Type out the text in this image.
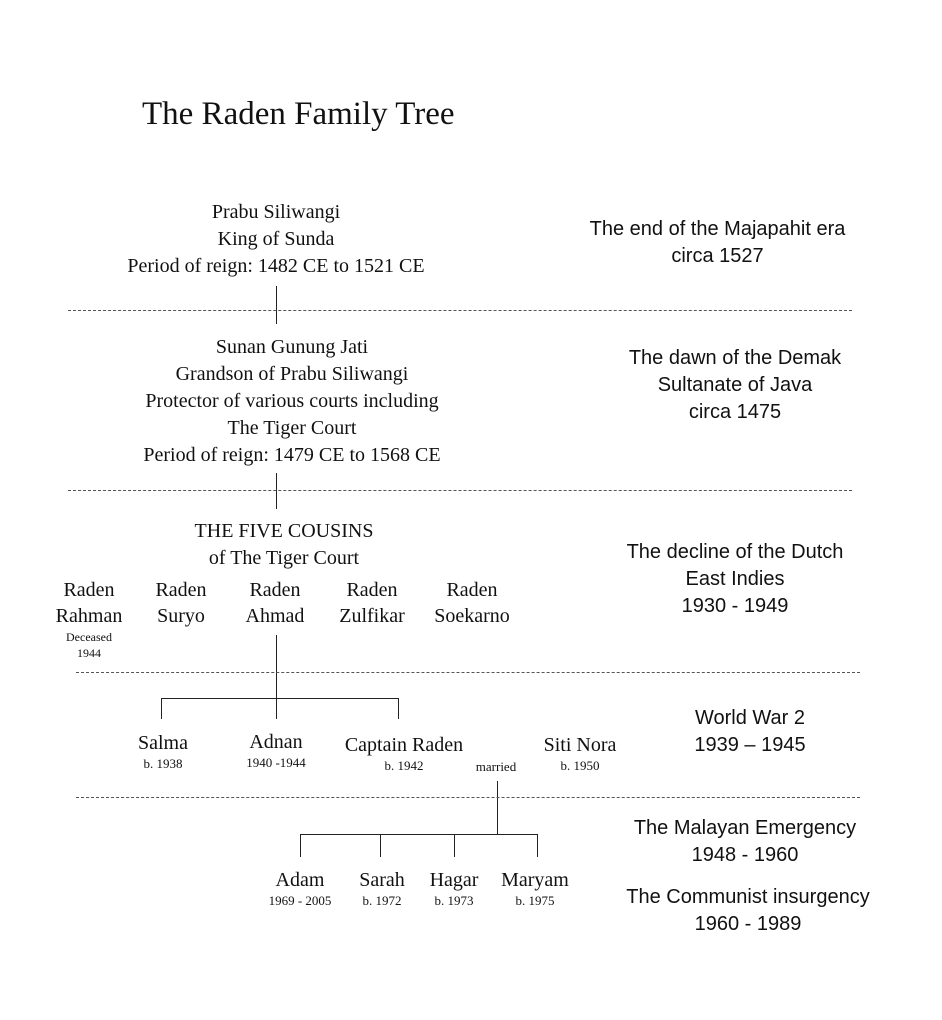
The Raden Family Tree
Prabu Siliwangi
King of Sunda
Period of reign: 1482 CE to 1521 CE
The end of the Majapahit era
circa 1527
Sunan Gunung Jati
Grandson of Prabu Siliwangi
Protector of various courts including
The Tiger Court
Period of reign: 1479 CE to 1568 CE
The dawn of the Demak
Sultanate of Java
circa 1475
THE FIVE COUSINS
of The Tiger Court
Raden
Rahman
Deceased
1944
Raden
Suryo
Raden
Ahmad
Raden
Zulfikar
Raden
Soekarno
The decline of the Dutch
East Indies
1930 - 1949
Salma
b. 1938
Adnan
1940 -1944
Captain Raden
b. 1942	married
Siti Nora
b. 1950
World War 2
1939 – 1945
Adam
1969 - 2005
Sarah
b. 1972
Hagar
b. 1973
Maryam
b. 1975
The Malayan Emergency
1948 - 1960
The Communist insurgency
1960 - 1989
